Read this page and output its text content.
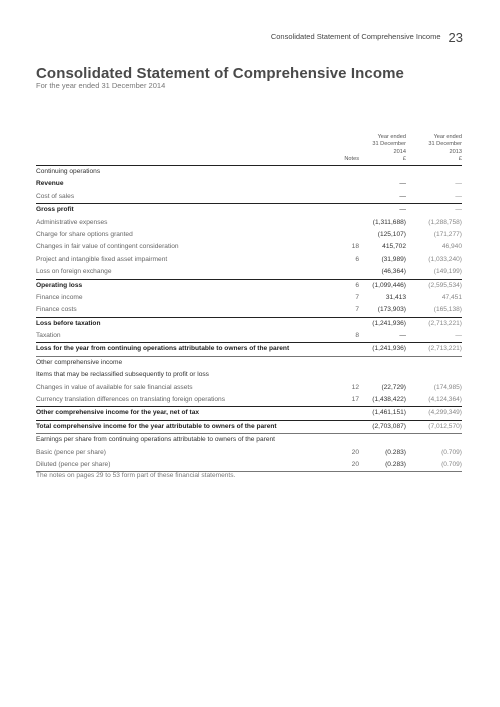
Consolidated Statement of Comprehensive Income 23
Consolidated Statement of Comprehensive Income
For the year ended 31 December 2014
Notes
Year ended
31 December
2014
£
Year ended
31 December
2013
£
Continuing operations
Revenue	—	—
Cost of sales	—	—
Gross profit	—	—
Administrative expenses	(1,311,688)	(1,288,758)
Charge for share options granted	(125,107)	(171,277)
Changes in fair value of contingent consideration	18	415,702	46,940
Project and intangible fixed asset impairment	6	(31,989)	(1,033,240)
Loss on foreign exchange	(46,364)	(149,199)
Operating loss	6	(1,099,446)	(2,595,534)
Finance income	7	31,413	47,451
Finance costs	7	(173,903)	(165,138)
Loss before taxation	(1,241,936)	(2,713,221)
Taxation	8	—	—
Loss for the year from continuing operations attributable to owners of the parent	(1,241,936)	(2,713,221)
Other comprehensive income
Items that may be reclassified subsequently to profit or loss
Changes in value of available for sale financial assets	12	(22,729)	(174,985)
Currency translation differences on translating foreign operations	17	(1,438,422)	(4,124,364)
Other comprehensive income for the year, net of tax	(1,461,151)	(4,299,349)
Total comprehensive income for the year attributable to owners of the parent	(2,703,087)	(7,012,570)
Earnings per share from continuing operations attributable to owners of the parent
Basic (pence per share)	20	(0.283)	(0.709)
Diluted (pence per share)	20	(0.283)	(0.709)
The notes on pages 29 to 53 form part of these financial statements.
